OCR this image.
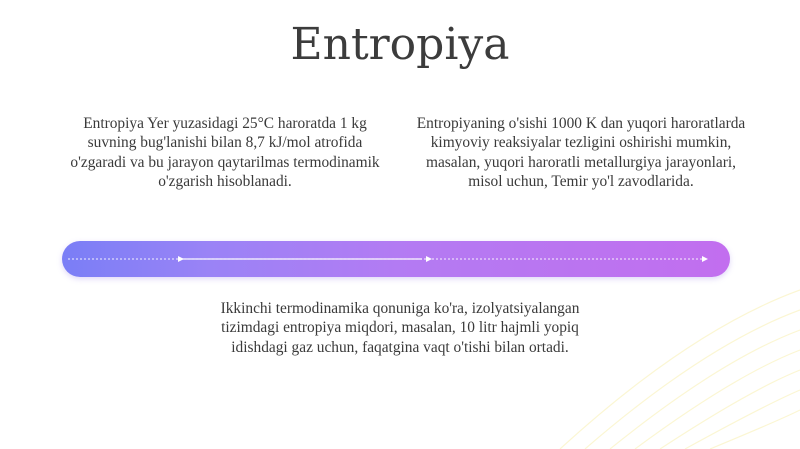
Entropiya

Entropiya Yer yuzasidagi 25°C haroratda 1 kg suvning bug'lanishi bilan 8,7 kJ/mol atrofida o'zgaradi va bu jarayon qaytarilmas termodinamik o'zgarish hisoblanadi.

Entropiyaning o'sishi 1000 K dan yuqori haroratlarda kimyoviy reaksiyalar tezligini oshirishi mumkin, masalan, yuqori haroratli metallurgiya jarayonlari, misol uchun, Temir yo'l zavodlarida.

Ikkinchi termodinamika qonuniga ko'ra, izolyatsiyalangan tizimdagi entropiya miqdori, masalan, 10 litr hajmli yopiq idishdagi gaz uchun, faqatgina vaqt o'tishi bilan ortadi.
